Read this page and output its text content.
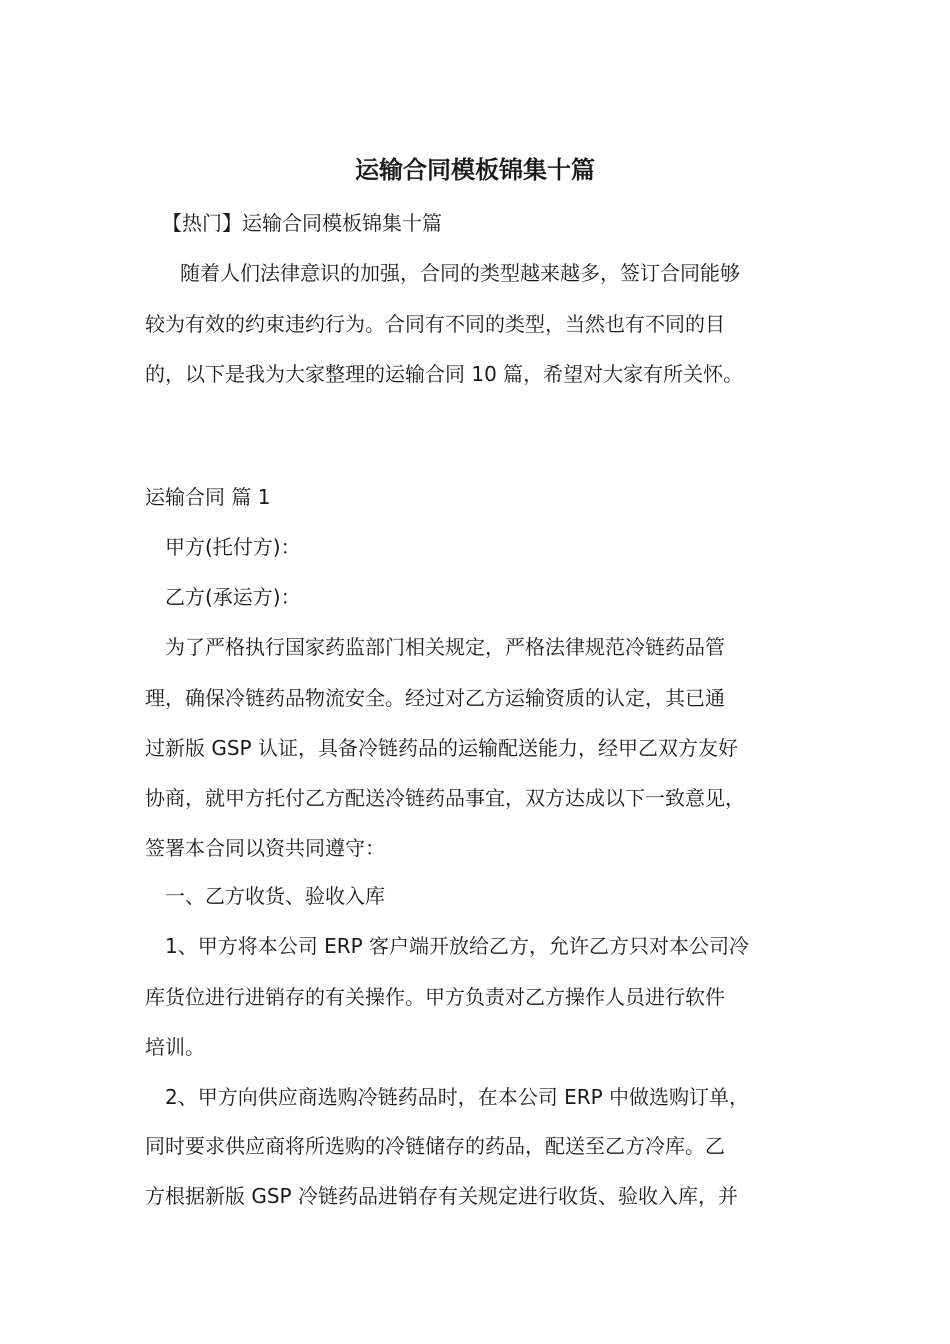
运输合同模板锦集十篇

【热门】运输合同模板锦集十篇

随着人们法律意识的加强，合同的类型越来越多，签订合同能够

较为有效的约束违约行为。合同有不同的类型，当然也有不同的目

的，以下是我为大家整理的运输合同 10 篇，希望对大家有所关怀。

运输合同 篇 1

甲方(托付方)：

乙方(承运方)：

为了严格执行国家药监部门相关规定，严格法律规范冷链药品管

理，确保冷链药品物流安全。经过对乙方运输资质的认定，其已通

过新版 GSP 认证，具备冷链药品的运输配送能力，经甲乙双方友好

协商，就甲方托付乙方配送冷链药品事宜，双方达成以下一致意见，

签署本合同以资共同遵守：

一、乙方收货、验收入库

1、甲方将本公司 ERP 客户端开放给乙方，允许乙方只对本公司冷

库货位进行进销存的有关操作。甲方负责对乙方操作人员进行软件

培训。

2、甲方向供应商选购冷链药品时，在本公司 ERP 中做选购订单，

同时要求供应商将所选购的冷链储存的药品，配送至乙方冷库。乙

方根据新版 GSP 冷链药品进销存有关规定进行收货、验收入库，并
